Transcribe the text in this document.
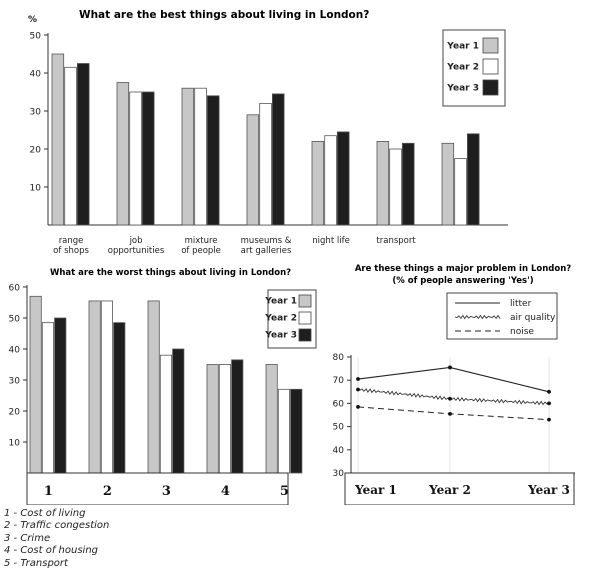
What are the best things about living in London?
%
10
20
30
40
50
range
of shops
job
opportunities
mixture
of people
museums &
art galleries
night life	transport
Year 1
Year 2
Year 3
What are the worst things about living in London?
10
20
30
40
50
60
1	2	3	4	5
Year 1
Year 2
Year 3
Are these things a major problem in London?
(% of people answering 'Yes')
30
40
50
60
70
80
Year 1	Year 2	Year 3
litter
air quality
noise
1 - Cost of living
2 - Traffic congestion
3 - Crime
4 - Cost of housing
5 - Transport
